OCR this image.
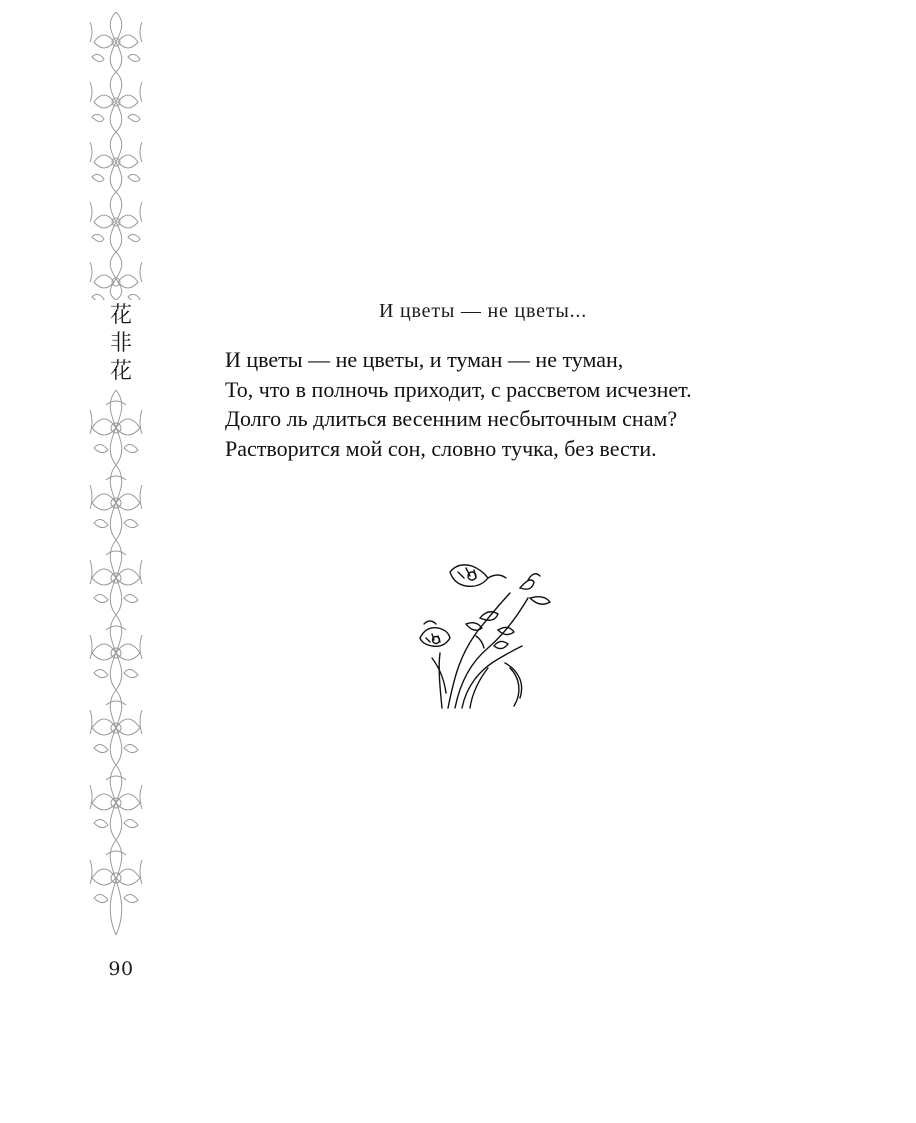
花
非
花
90
И цветы — не цветы...
И цветы — не цветы, и туман — не туман,
То, что в полночь приходит, с рассветом исчезнет.
Долго ль длиться весенним несбыточным снам?
Растворится мой сон, словно тучка, без вести.
